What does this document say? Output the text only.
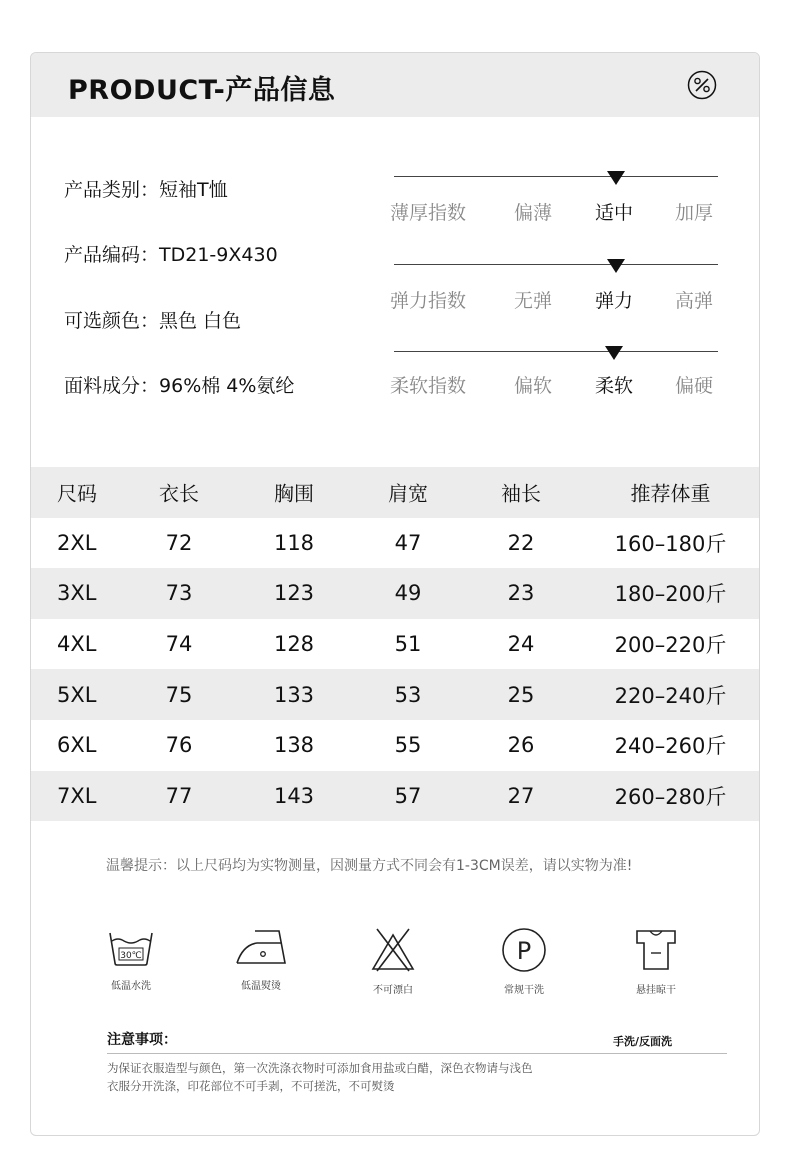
PRODUCT-产品信息
产品类别：短袖T恤
产品编码：TD21-9X430
可选颜色：黑色 白色
面料成分：96%棉 4%氨纶
薄厚指数	偏薄 适中 加厚
弹力指数	无弹 弹力 高弹
柔软指数	偏软 柔软 偏硬
尺码	衣长	胸围	肩宽	袖长	推荐体重
2XL	72	118	47	22	160–180斤
3XL	73	123	49	23	180–200斤
4XL	74	128	51	24	200–220斤
5XL	75	133	53	25	220–240斤
6XL	76	138	55	26	240–260斤
7XL	77	143	57	27	260–280斤
温馨提示：以上尺码均为实物测量，因测量方式不同会有1-3CM误差，请以实物为准!
30℃
低温水洗	低温熨烫	不可漂白
P
常规干洗	悬挂晾干
注意事项：	手洗/反面洗
为保证衣服造型与颜色，第一次洗涤衣物时可添加食用盐或白醋，深色衣物请与浅色
衣服分开洗涤，印花部位不可手剥，不可搓洗，不可熨烫
